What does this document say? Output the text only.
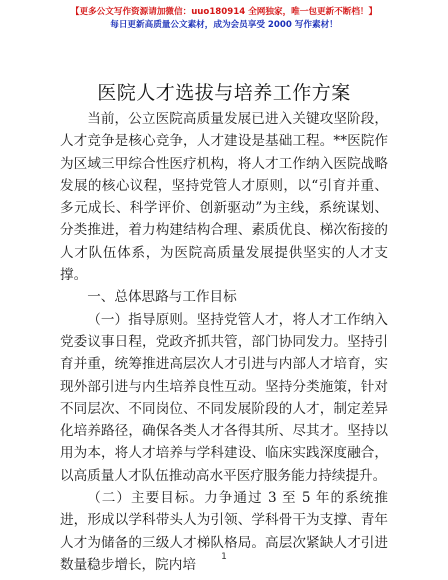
【更多公文写作资源请加微信：uuo180914 全网独家，唯一包更新不断档！】
每日更新高质量公文素材，成为会员享受 2000 写作素材！
医院人才选拔与培养工作方案

当前，公立医院高质量发展已进入关键攻坚阶段，人才竞争是核心竞争，人才建设是基础工程。**医院作为区域三甲综合性医疗机构，将人才工作纳入医院战略发展的核心议程，坚持党管人才原则，以“引育并重、多元成长、科学评价、创新驱动”为主线，系统谋划、分类推进，着力构建结构合理、素质优良、梯次衔接的人才队伍体系，为医院高质量发展提供坚实的人才支撑。

一、总体思路与工作目标

（一）指导原则。坚持党管人才，将人才工作纳入党委议事日程，党政齐抓共管，部门协同发力。坚持引育并重，统筹推进高层次人才引进与内部人才培育，实现外部引进与内生培养良性互动。坚持分类施策，针对不同层次、不同岗位、不同发展阶段的人才，制定差异化培养路径，确保各类人才各得其所、尽其才。坚持以用为本，将人才培养与学科建设、临床实践深度融合，以高质量人才队伍推动高水平医疗服务能力持续提升。

（二）主要目标。力争通过 3 至 5 年的系统推进，形成以学科带头人为引领、学科骨干为支撑、青年人才为储备的三级人才梯队格局。高层次紧缺人才引进数量稳步增长，院内培	1
